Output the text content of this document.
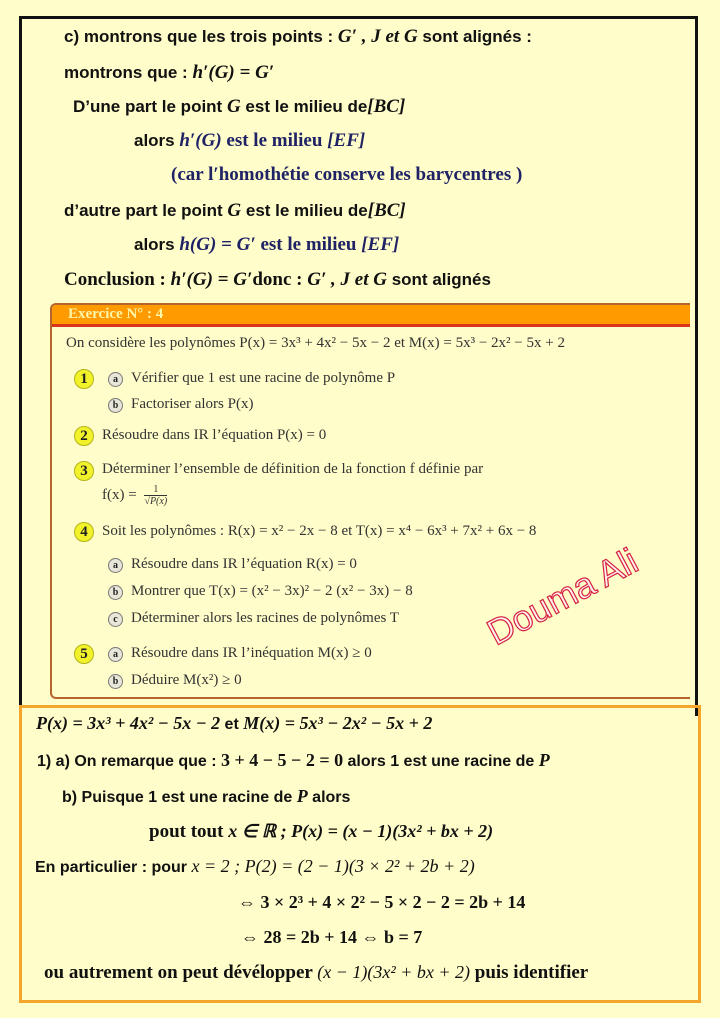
c) montrons que les trois points : G′ , J et G sont alignés :
montrons que : h′(G) = G′
D’une part le point G est le milieu de[BC]
alors h′(G) est le milieu [EF]
(car l′homothétie conserve les barycentres )
d’autre part le point G est le milieu de[BC]
alors h(G) = G′ est le milieu [EF]
Conclusion : h′(G) = G′donc : G′ , J et G sont alignés
Exercice N° : 4
On considère les polynômes P(x) = 3x³ + 4x² − 5x − 2 et M(x) = 5x³ − 2x² − 5x + 2
1	a Vérifier que 1 est une racine de polynôme P
b Factoriser alors P(x)
2 Résoudre dans IR l’équation P(x) = 0
3 Déterminer l’ensemble de définition de la fonction f définie par
$f(x) = \frac{1}{√P(x)}$
4 Soit les polynômes : R(x) = x² − 2x − 8 et T(x) = x⁴ − 6x³ + 7x² + 6x − 8
a Résoudre dans IR l’équation R(x) = 0
b Montrer que T(x) = (x² − 3x)² − 2 (x² − 3x) − 8
c Déterminer alors les racines de polynômes T
5	a Résoudre dans IR l’inéquation M(x) ≥ 0
b Déduire M(x²) ≥ 0
Douma Ali
P(x) = 3x³ + 4x² − 5x − 2 et M(x) = 5x³ − 2x² − 5x + 2
1) a) On remarque que : 3 + 4 − 5 − 2 = 0 alors 1 est une racine de P
b) Puisque 1 est une racine de P alors
pout tout x ∈ ℝ ; P(x) = (x − 1)(3x² + bx + 2)
En particulier : pour x = 2 ; P(2) = (2 − 1)(3 × 2² + 2b + 2)
⇔ 3 × 2³ + 4 × 2² − 5 × 2 − 2 = 2b + 14
⇔ 28 = 2b + 14 ⇔ b = 7
ou autrement on peut dévélopper (x − 1)(3x² + bx + 2) puis identifier
